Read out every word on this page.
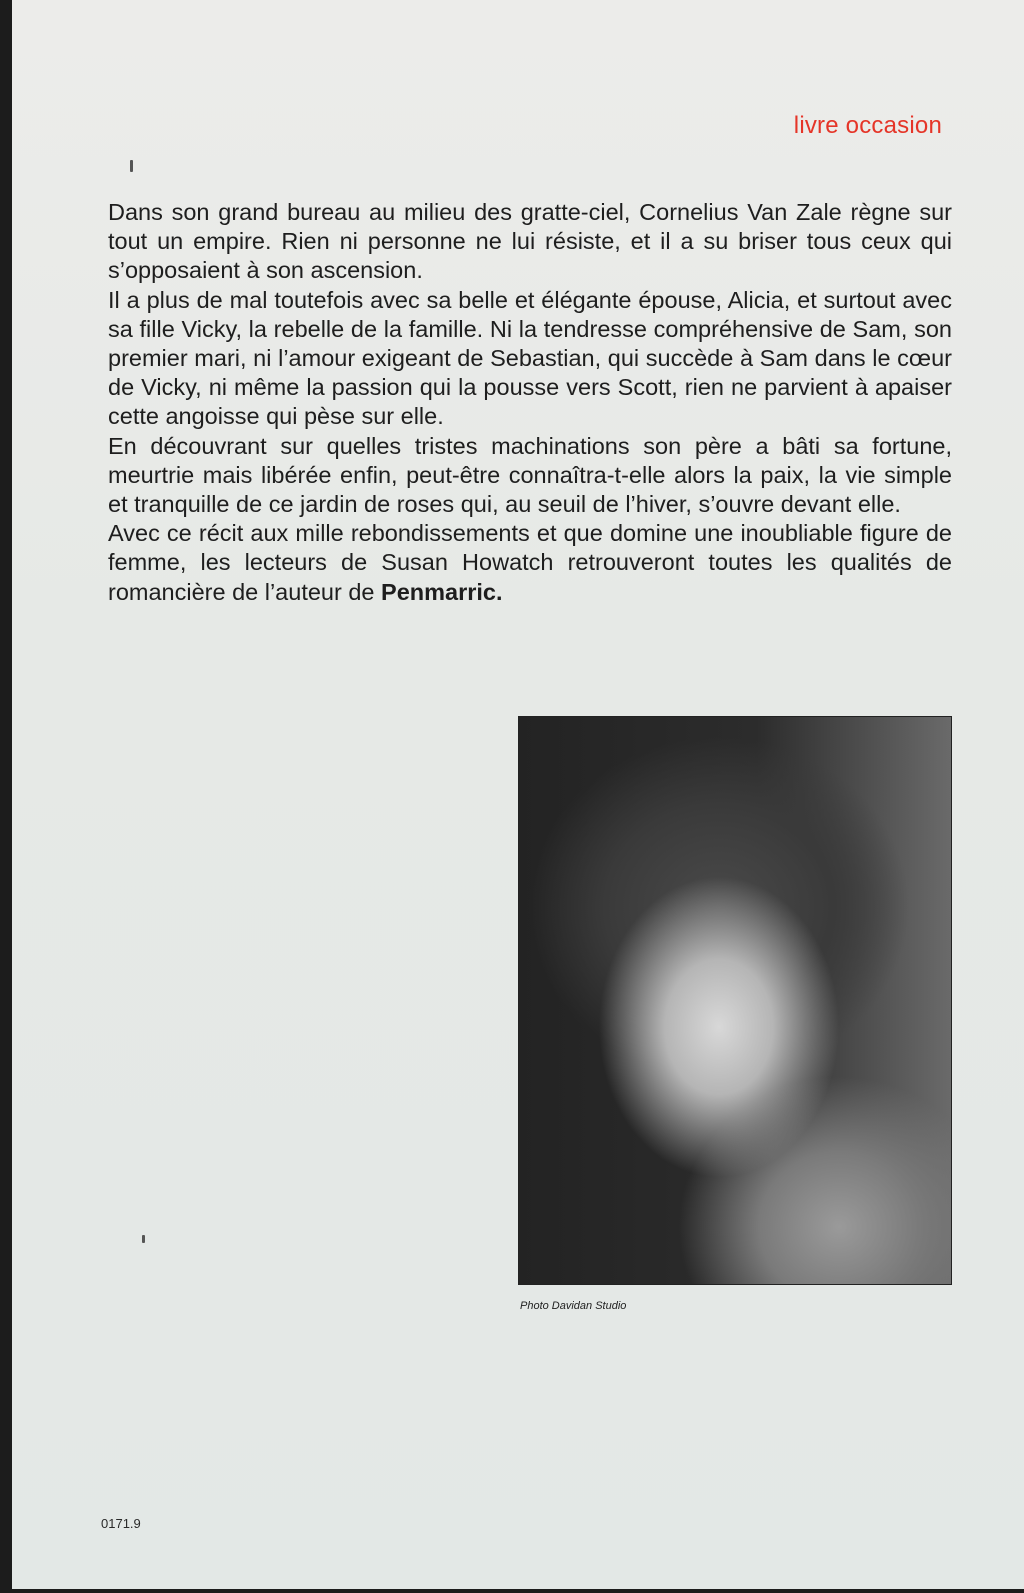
livre occasion

Dans son grand bureau au milieu des gratte-ciel, Cornelius Van Zale règne sur tout un empire. Rien ni personne ne lui résiste, et il a su briser tous ceux qui s’opposaient à son ascension.

Il a plus de mal toutefois avec sa belle et élégante épouse, Alicia, et surtout avec sa fille Vicky, la rebelle de la famille. Ni la tendresse compréhensive de Sam, son premier mari, ni l’amour exigeant de Sebastian, qui succède à Sam dans le cœur de Vicky, ni même la passion qui la pousse vers Scott, rien ne parvient à apaiser cette angoisse qui pèse sur elle.

En découvrant sur quelles tristes machinations son père a bâti sa fortune, meurtrie mais libérée enfin, peut-être connaîtra-t-elle alors la paix, la vie simple et tranquille de ce jardin de roses qui, au seuil de l’hiver, s’ouvre devant elle.

Avec ce récit aux mille rebondissements et que domine une inoubliable figure de femme, les lecteurs de Susan Howatch retrouveront toutes les qualités de romancière de l’auteur de Penmarric.

Photo Davidan Studio
0171.9
